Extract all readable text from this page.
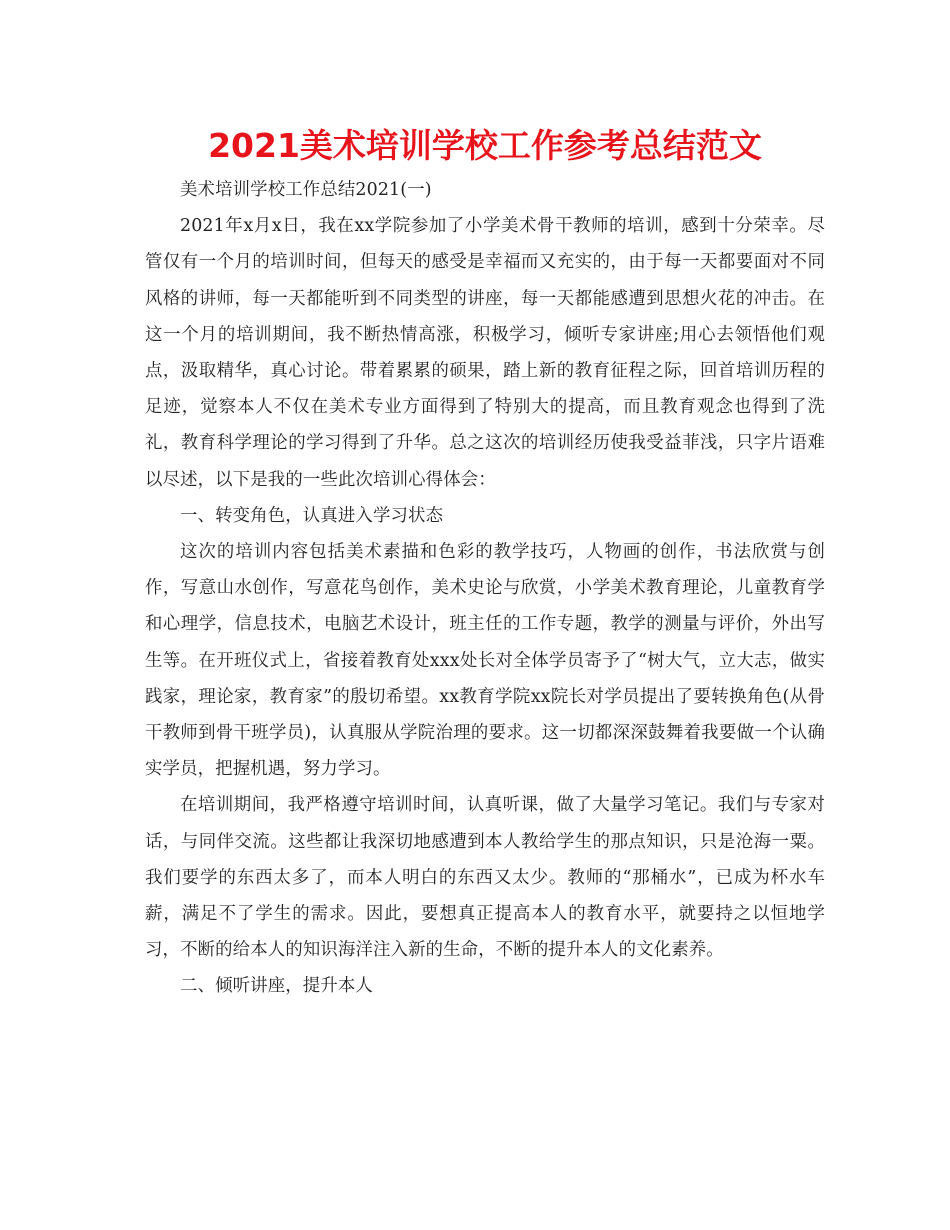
2021美术培训学校工作参考总结范文

美术培训学校工作总结2021(一)

2021年x月x日，我在xx学院参加了小学美术骨干教师的培训，感到十分荣幸。尽管仅有一个月的培训时间，但每天的感受是幸福而又充实的，由于每一天都要面对不同风格的讲师，每一天都能听到不同类型的讲座，每一天都能感遭到思想火花的冲击。在这一个月的培训期间，我不断热情高涨，积极学习，倾听专家讲座;用心去领悟他们观点，汲取精华，真心讨论。带着累累的硕果，踏上新的教育征程之际，回首培训历程的足迹，觉察本人不仅在美术专业方面得到了特别大的提高，而且教育观念也得到了洗礼，教育科学理论的学习得到了升华。总之这次的培训经历使我受益菲浅，只字片语难以尽述，以下是我的一些此次培训心得体会：

一、转变角色，认真进入学习状态

这次的培训内容包括美术素描和色彩的教学技巧，人物画的创作，书法欣赏与创作，写意山水创作，写意花鸟创作，美术史论与欣赏，小学美术教育理论，儿童教育学和心理学，信息技术，电脑艺术设计，班主任的工作专题，教学的测量与评价，外出写生等。在开班仪式上，省接着教育处xxx处长对全体学员寄予了“树大气，立大志，做实践家，理论家，教育家”的殷切希望。xx教育学院xx院长对学员提出了要转换角色(从骨干教师到骨干班学员)，认真服从学院治理的要求。这一切都深深鼓舞着我要做一个认确实学员，把握机遇，努力学习。

在培训期间，我严格遵守培训时间，认真听课，做了大量学习笔记。我们与专家对话，与同伴交流。这些都让我深切地感遭到本人教给学生的那点知识，只是沧海一粟。我们要学的东西太多了，而本人明白的东西又太少。教师的“那桶水”，已成为杯水车薪，满足不了学生的需求。因此，要想真正提高本人的教育水平，就要持之以恒地学习，不断的给本人的知识海洋注入新的生命，不断的提升本人的文化素养。

二、倾听讲座，提升本人
